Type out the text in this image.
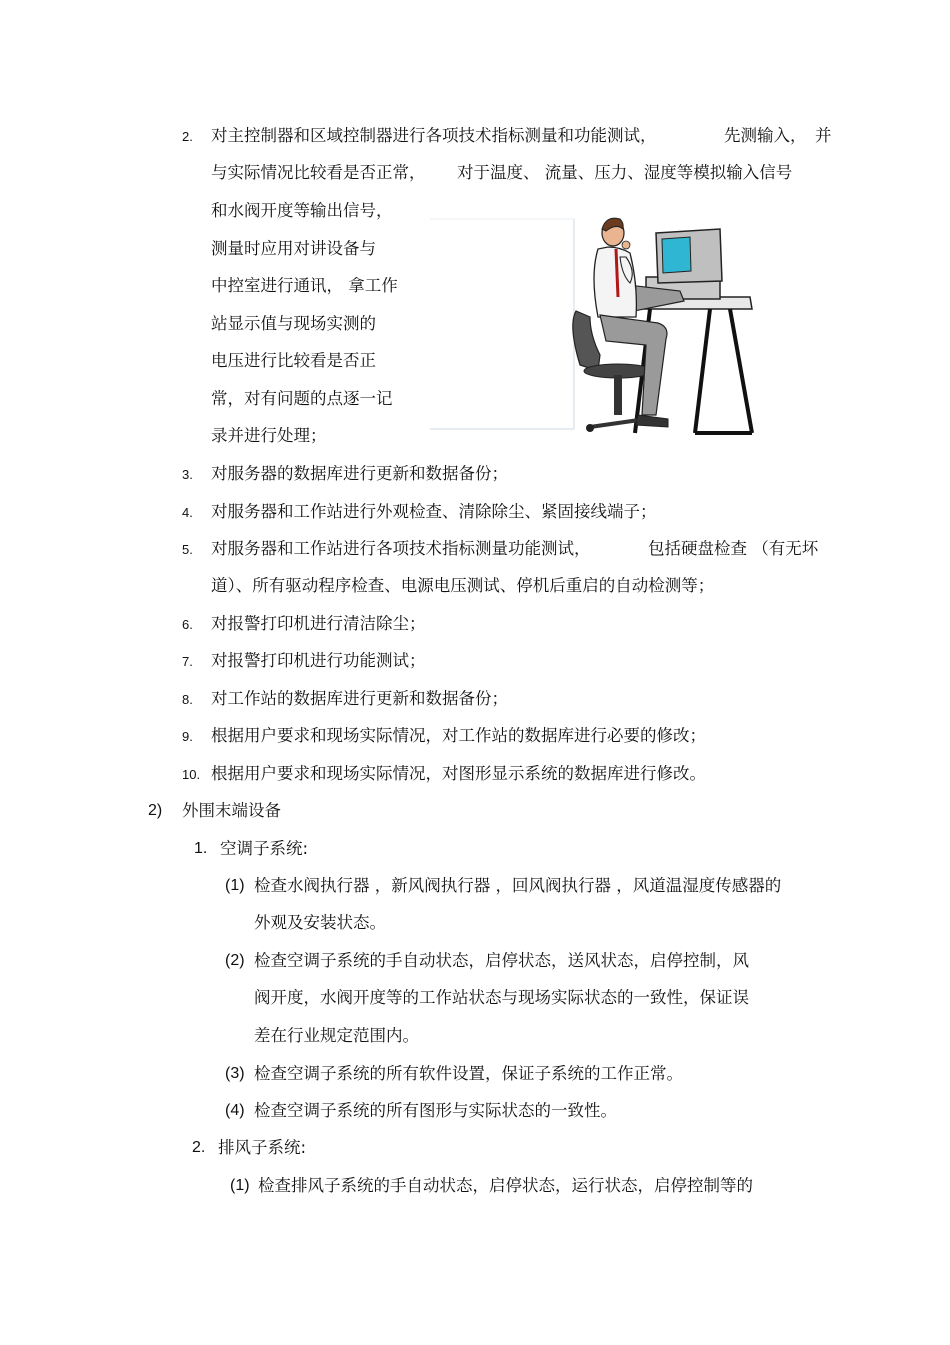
2. 对主控制器和区域控制器进行各项技术指标测量和功能测试，	先测输入， 并
与实际情况比较看是否正常， 对于温度、 流量、压力、湿度等模拟输入信号
和水阀开度等输出信号，
测量时应用对讲设备与
中控室进行通讯， 拿工作
站显示值与现场实测的
电压进行比较看是否正
常，对有问题的点逐一记
录并进行处理；
3. 对服务器的数据库进行更新和数据备份；
4. 对服务器和工作站进行外观检查、清除除尘、紧固接线端子；
5. 对服务器和工作站进行各项技术指标测量功能测试，	包括硬盘检查 （有无坏
道）、所有驱动程序检查、电源电压测试、停机后重启的自动检测等；
6. 对报警打印机进行清洁除尘；
7. 对报警打印机进行功能测试；
8. 对工作站的数据库进行更新和数据备份；
9. 根据用户要求和现场实际情况，对工作站的数据库进行必要的修改；
10. 根据用户要求和现场实际情况，对图形显示系统的数据库进行修改。
2) 外围末端设备
1. 空调子系统:
(1) 检查水阀执行器 ，新风阀执行器 ，回风阀执行器 ，风道温湿度传感器的
外观及安装状态。
(2) 检查空调子系统的手自动状态，启停状态，送风状态，启停控制，风
阀开度，水阀开度等的工作站状态与现场实际状态的一致性，保证误
差在行业规定范围内。
(3) 检查空调子系统的所有软件设置，保证子系统的工作正常。
(4) 检查空调子系统的所有图形与实际状态的一致性。
2. 排风子系统:
(1) 检查排风子系统的手自动状态，启停状态，运行状态，启停控制等的
